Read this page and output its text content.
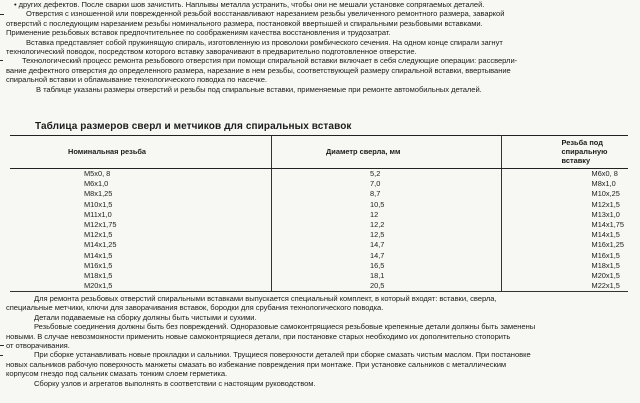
• других дефектов. После сварки шов зачистить. Наплывы металла устранить, чтобы они не мешали установке сопрягаемых деталей.
Отверстия с изношенной или поврежденной резьбой восстанавливают нарезанием резьбы увеличенного ремонтного размера, заваркой
отверстий с последующим нарезанием резьбы номинального размера, постановкой ввертышей и спиральными резьбовыми вставками.
Применение резьбовых вставок предпочтительнее по соображениям качества восстановления и трудозатрат.
Вставка представляет собой пружинящую спираль, изготовленную из проволоки ромбического сечения. На одном конце спирали загнут
технологический поводок, посредством которого вставку заворачивают в предварительно подготовленное отверстие.
Технологический процесс ремонта резьбового отверстия при помощи спиральной вставки включает в себя следующие операции: рассверли-
вание дефектного отверстия до определенного размера, нарезание в нем резьбы, соответствующей размеру спиральной вставки, ввертывание
спиральной вставки и обламывание технологического поводка по насечке.
В таблице указаны размеры отверстий и резьбы под спиральные вставки, применяемые при ремонте автомобильных деталей.
Таблица размеров сверл и метчиков для спиральных вставок
Номинальная резьба	Диаметр сверла, мм	Резьба под спиральную вставку
М5х0, 8	5,2	М6х0, 8
М6х1,0	7,0	М8х1,0
М8х1,25	8,7	М10х,25
М10х1,5	10,5	М12х1,5
М11х1,0	12	М13х1,0
М12х1,75	12,2	М14х1,75
М12х1,5	12,5	М14х1,5
М14х1,25	14,7	М16х1,25
М14х1,5	14,7	М16х1,5
М16х1,5	16,5	М18х1,5
М18х1,5	18,1	М20х1,5
М20х1,5	20,5	М22х1,5
Для ремонта резьбовых отверстий спиральными вставками выпускается специальный комплект, в который входят: вставки, сверла,
специальные метчики, ключи для заворачивания вставок, бородки для срубания технологического поводка.
Детали подаваемые на сборку должны быть чистыми и сухими.
Резьбовые соединения должны быть без повреждений. Одноразовые самоконтрящиеся резьбовые крепежные детали должны быть заменены
новыми. В случае невозможности применить новые самоконтрящиеся детали, при постановке старых необходимо их дополнительно стопорить
от отворачивания.
При сборке устанавливать новые прокладки и сальники. Трущиеся поверхности деталей при сборке смазать чистым маслом. При постановке
новых сальников рабочую поверхность манжеты смазать во избежание повреждения при монтаже. При установке сальников с металлическим
корпусом гнездо под сальник смазать тонким слоем герметика.
Сборку узлов и агрегатов выполнять в соответствии с настоящим руководством.
